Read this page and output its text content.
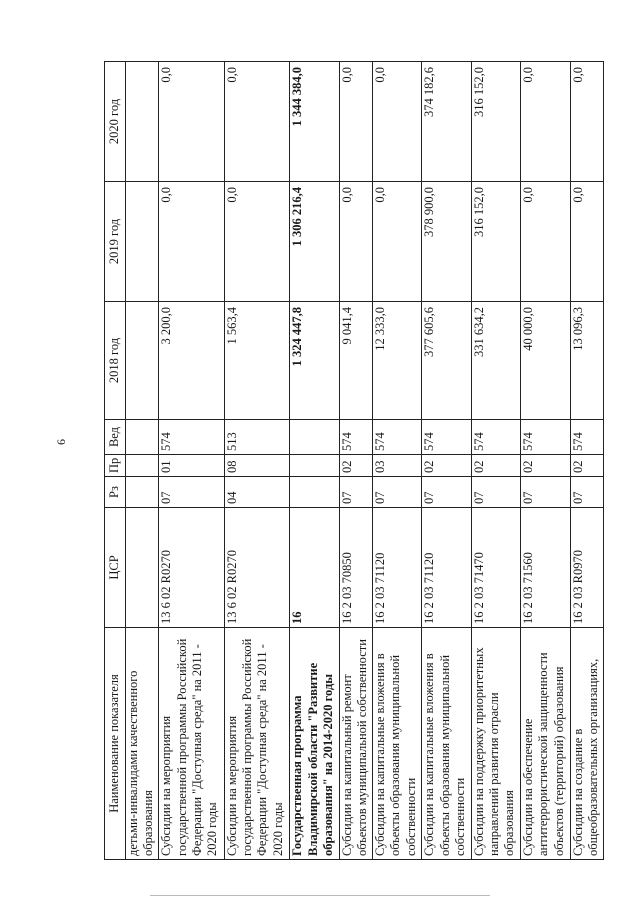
6
Наименование показателя	ЦСР	Рз	Пр	Вед	2018 год	2019 год	2020 год
детьми-инвалидами качественного образования							
Субсидии на мероприятия государственной программы Российской Федерации "Доступная среда" на 2011 - 2020 годы	13 6 02 R0270	07	01	574	3 200,0	0,0	0,0
Субсидии на мероприятия государственной программы Российской Федерации "Доступная среда" на 2011 - 2020 годы	13 6 02 R0270	04	08	513	1 563,4	0,0	0,0
Государственная программа Владимирской области "Развитие образования" на 2014-2020 годы	16				1 324 447,8	1 306 216,4	1 344 384,0
Субсидии на капитальный ремонт объектов муниципальной собственности	16 2 03 70850	07	02	574	9 041,4	0,0	0,0
Субсидии на капитальные вложения в объекты образования муниципальной собственности	16 2 03 71120	07	03	574	12 333,0	0,0	0,0
Субсидии на капитальные вложения в объекты образования муниципальной собственности	16 2 03 71120	07	02	574	377 605,6	378 900,0	374 182,6
Субсидии на поддержку приоритетных направлений развития отрасли образования	16 2 03 71470	07	02	574	331 634,2	316 152,0	316 152,0
Субсидии на обеспечение антитеррористической защищенности объектов (территорий) образования	16 2 03 71560	07	02	574	40 000,0	0,0	0,0
Субсидии на создание в общеобразовательных организациях,	16 2 03 R0970	07	02	574	13 096,3	0,0	0,0
